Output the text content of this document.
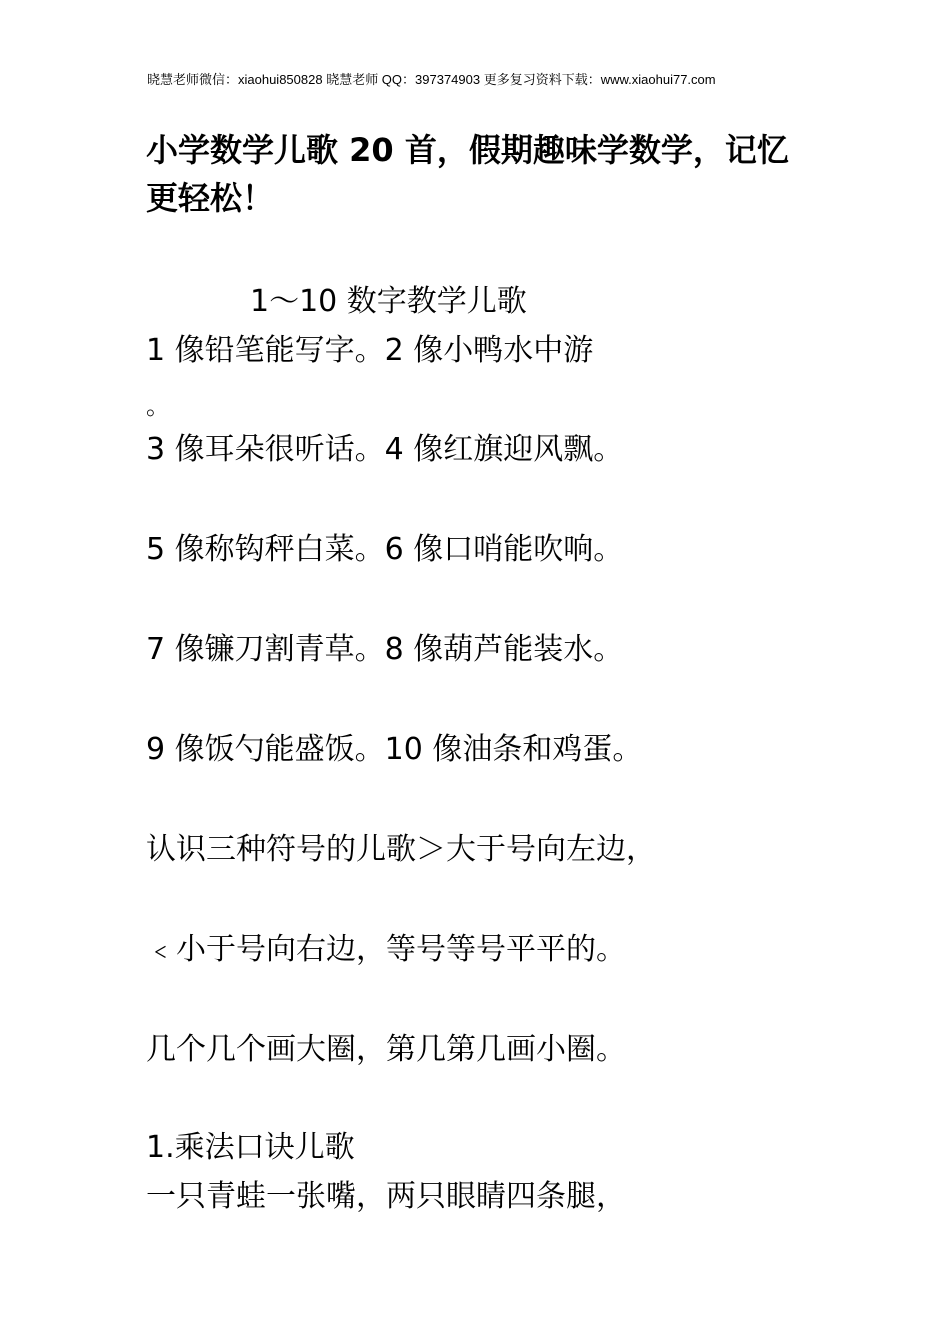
晓慧老师微信：xiaohui850828 晓慧老师 QQ：397374903 更多复习资料下载：www.xiaohui77.com
小学数学儿歌 20 首，假期趣味学数学，记忆
更轻松！
1～10 数字教学儿歌
1 像铅笔能写字。2 像小鸭水中游
。
3 像耳朵很听话。4 像红旗迎风飘。
5 像称钩秤白菜。6 像口哨能吹响。
7 像镰刀割青草。8 像葫芦能装水。
9 像饭勺能盛饭。10 像油条和鸡蛋。
认识三种符号的儿歌＞大于号向左边，
﹤小于号向右边，等号等号平平的。
几个几个画大圈，第几第几画小圈。
1.乘法口诀儿歌
一只青蛙一张嘴，两只眼睛四条腿，
